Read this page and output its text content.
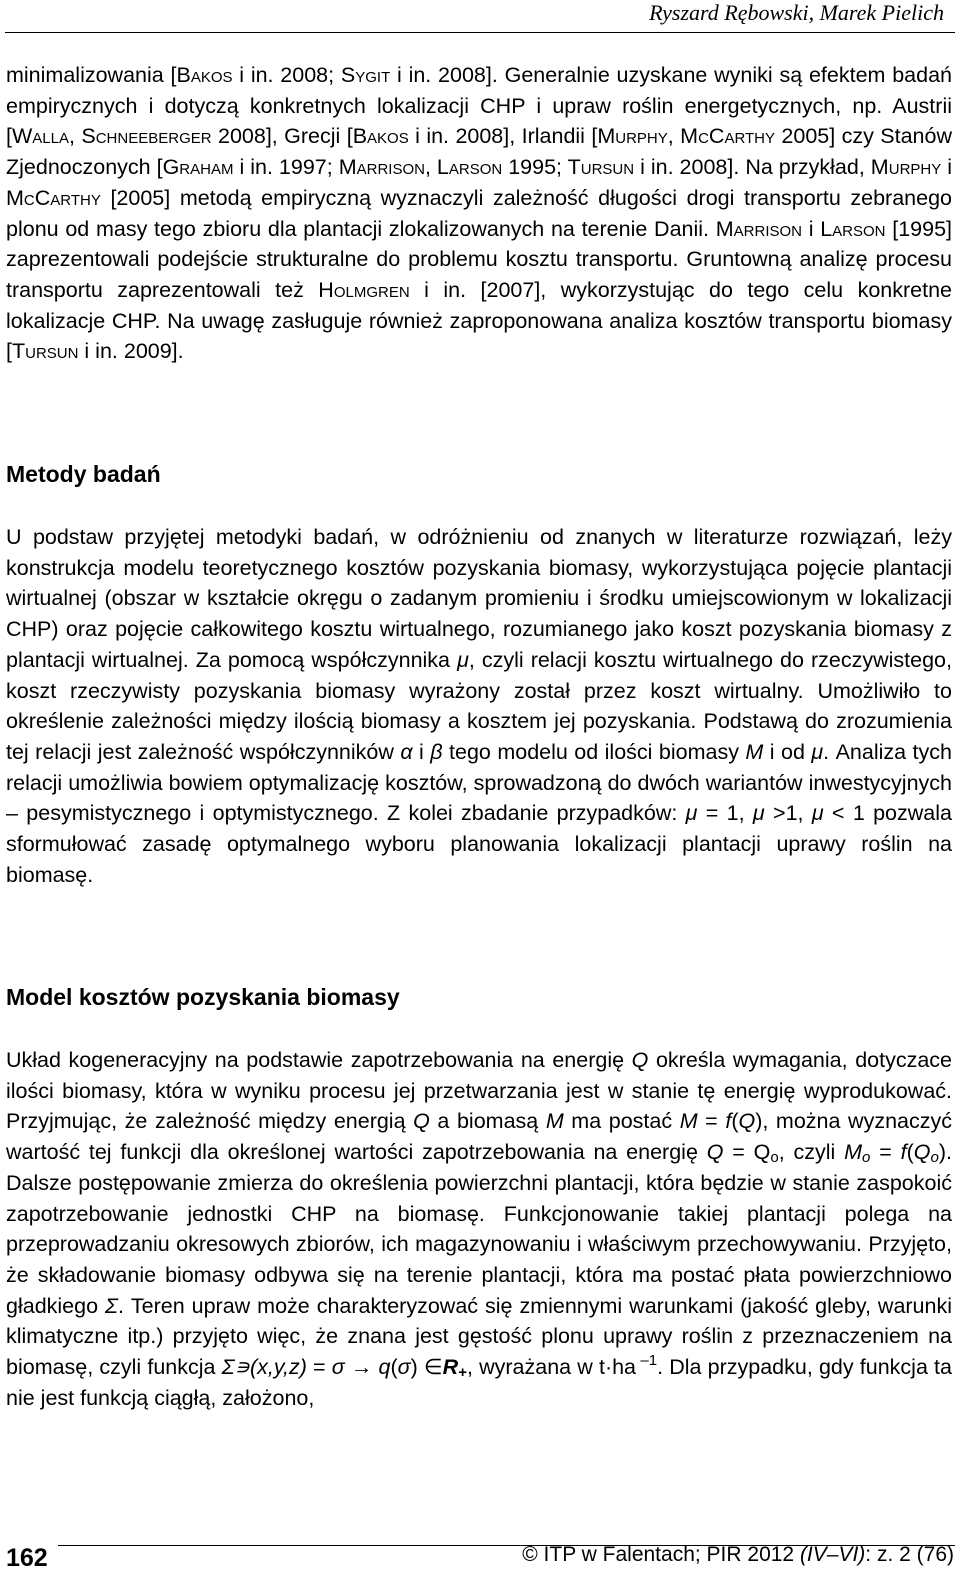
Ryszard Rębowski, Marek Pielich

minimalizowania [Bakos i in. 2008; Sygit i in. 2008]. Generalnie uzyskane wyniki są efektem badań empirycznych i dotyczą konkretnych lokalizacji CHP i upraw roślin energetycznych, np. Austrii [Walla, Schneeberger 2008], Grecji [Bakos i in. 2008], Irlandii [Murphy, McCarthy 2005] czy Stanów Zjednoczonych [Graham i in. 1997; Marrison, Larson 1995; Tursun i in. 2008]. Na przykład, Murphy i McCarthy [2005] metodą empiryczną wyznaczyli zależność długości drogi transportu zebranego plonu od masy tego zbioru dla plantacji zlokalizowanych na terenie Danii. Marrison i Larson [1995] zaprezentowali podejście strukturalne do problemu kosztu transportu. Gruntowną analizę procesu transportu zaprezentowali też Holmgren i in. [2007], wykorzystując do tego celu konkretne lokalizacje CHP. Na uwagę zasługuje również zaproponowana analiza kosztów transportu biomasy [Tursun i in. 2009].

Metody badań

U podstaw przyjętej metodyki badań, w odróżnieniu od znanych w literaturze rozwiązań, leży konstrukcja modelu teoretycznego kosztów pozyskania biomasy, wykorzystująca pojęcie plantacji wirtualnej (obszar w kształcie okręgu o zadanym promieniu i środku umiejscowionym w lokalizacji CHP) oraz pojęcie całkowitego kosztu wirtualnego, rozumianego jako koszt pozyskania biomasy z plantacji wirtualnej. Za pomocą współczynnika μ, czyli relacji kosztu wirtualnego do rzeczywistego, koszt rzeczywisty pozyskania biomasy wyrażony został przez koszt wirtualny. Umożliwiło to określenie zależności między ilością biomasy a kosztem jej pozyskania. Podstawą do zrozumienia tej relacji jest zależność współczynników α i β tego modelu od ilości biomasy M i od μ. Analiza tych relacji umożliwia bowiem optymalizację kosztów, sprowadzoną do dwóch wariantów inwestycyjnych – pesymistycznego i optymistycznego. Z kolei zbadanie przypadków: μ = 1, μ >1, μ < 1 pozwala sformułować zasadę optymalnego wyboru planowania lokalizacji plantacji uprawy roślin na biomasę.

Model kosztów pozyskania biomasy

Układ kogeneracyjny na podstawie zapotrzebowania na energię Q określa wymagania, dotyczace ilości biomasy, która w wyniku procesu jej przetwarzania jest w stanie tę energię wyprodukować. Przyjmując, że zależność między energią Q a biomasą M ma postać M = f(Q), można wyznaczyć wartość tej funkcji dla określonej wartości zapotrzebowania na energię Q = Qo, czyli Mo = f(Qo). Dalsze postępowanie zmierza do określenia powierzchni plantacji, która będzie w stanie zaspokoić zapotrzebowanie jednostki CHP na biomasę. Funkcjonowanie takiej plantacji polega na przeprowadzaniu okresowych zbiorów, ich magazynowaniu i właściwym przechowywaniu. Przyjęto, że składowanie biomasy odbywa się na terenie plantacji, która ma postać płata powierzchniowo gładkiego Σ. Teren upraw może charakteryzować się zmiennymi warunkami (jakość gleby, warunki klimatyczne itp.) przyjęto więc, że znana jest gęstość plonu uprawy roślin z przeznaczeniem na biomasę, czyli funkcja Σ∍(x,y,z) = σ → q(σ) ∈R+, wyrażana w t·ha $^{-1}$. Dla przypadku, gdy funkcja ta nie jest funkcją ciągłą, założono,

162	© ITP w Falentach; PIR 2012 (IV–VI): z. 2 (76)
